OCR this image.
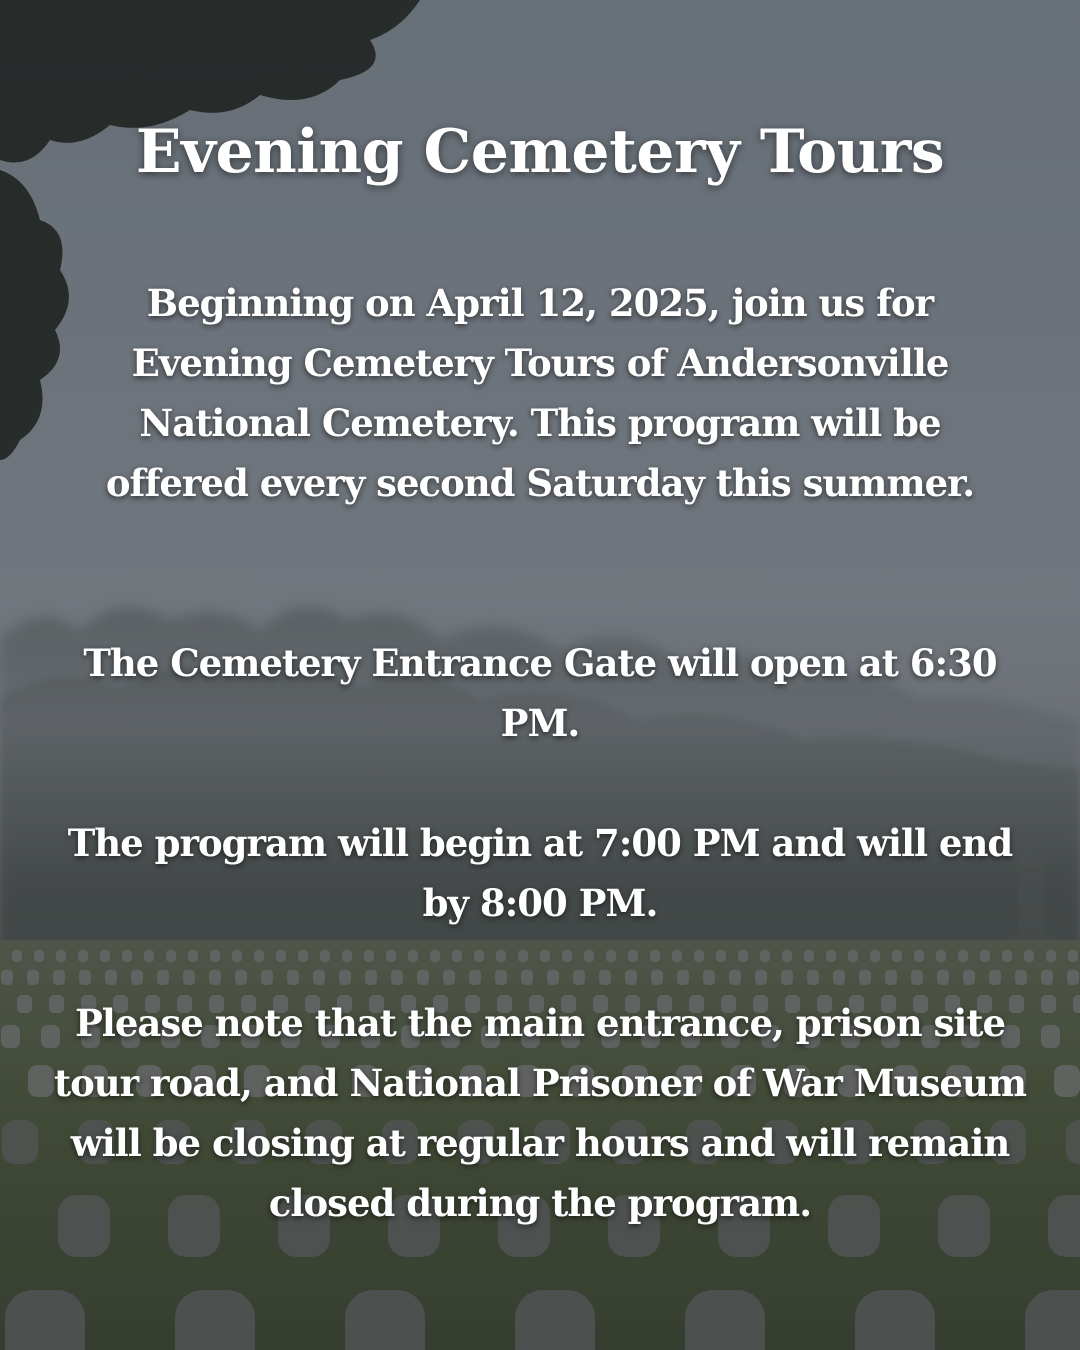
Evening Cemetery Tours

Beginning on April 12, 2025, join us for Evening Cemetery Tours of Andersonville National Cemetery. This program will be offered every second Saturday this summer.

The Cemetery Entrance Gate will open at 6:30 PM.

The program will begin at 7:00 PM and will end by 8:00 PM.

Please note that the main entrance, prison site tour road, and National Prisoner of War Museum will be closing at regular hours and will remain closed during the program.
